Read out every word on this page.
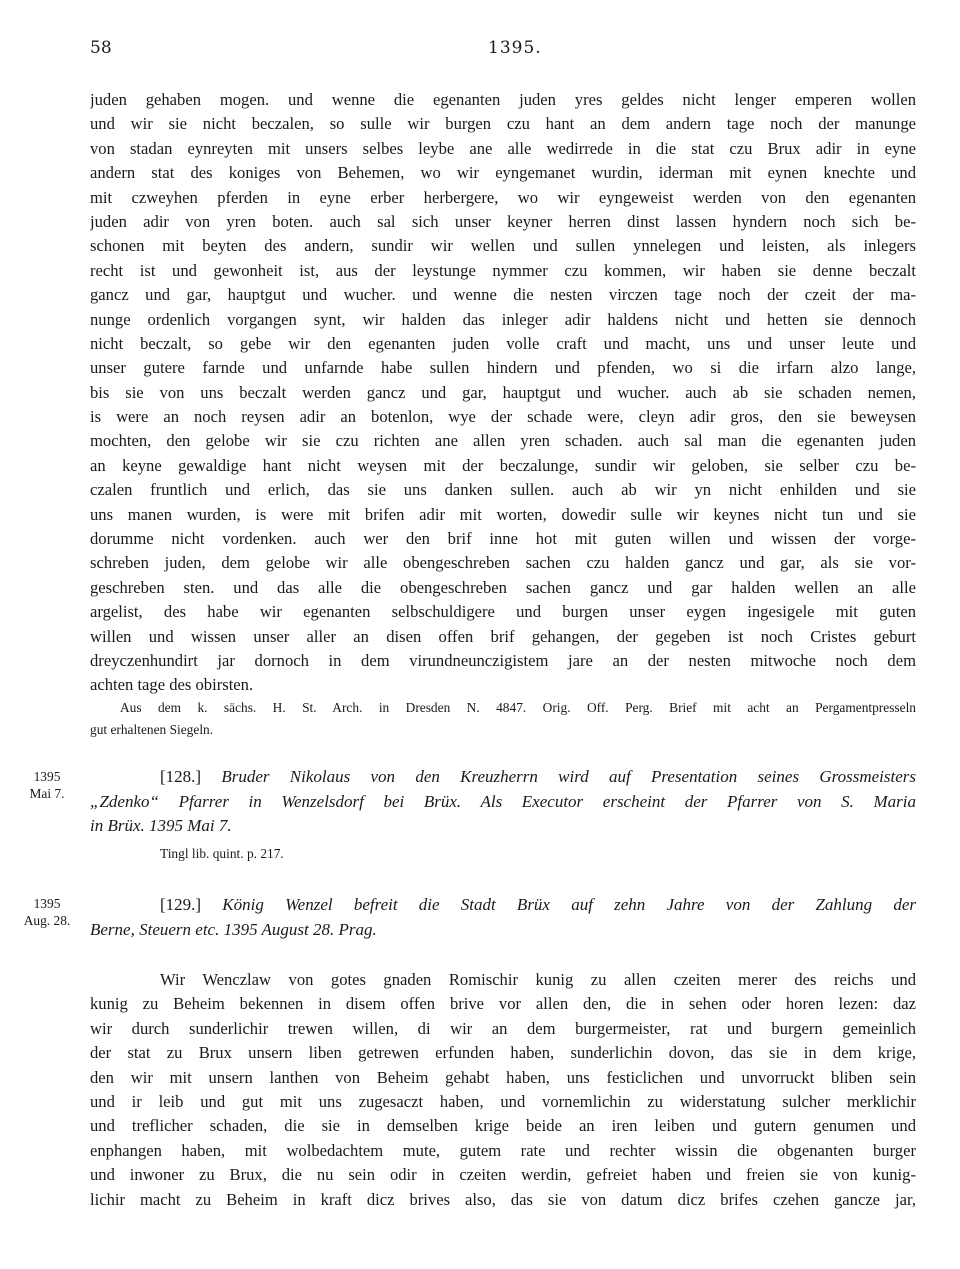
58	1395.
juden gehaben mogen. und wenne die egenanten juden yres geldes nicht lenger emperen wollen
und wir sie nicht beczalen, so sulle wir burgen czu hant an dem andern tage noch der manunge
von stadan eynreyten mit unsers selbes leybe ane alle wedirrede in die stat czu Brux adir in eyne
andern stat des koniges von Behemen, wo wir eyngemanet wurdin, iderman mit eynen knechte und
mit czweyhen pferden in eyne erber herbergere, wo wir eyngeweist werden von den egenanten
juden adir von yren boten. auch sal sich unser keyner herren dinst lassen hyndern noch sich be-
schonen mit beyten des andern, sundir wir wellen und sullen ynnelegen und leisten, als inlegers
recht ist und gewonheit ist, aus der leystunge nymmer czu kommen, wir haben sie denne beczalt
gancz und gar, hauptgut und wucher. und wenne die nesten virczen tage noch der czeit der ma-
nunge ordenlich vorgangen synt, wir halden das inleger adir haldens nicht und hetten sie dennoch
nicht beczalt, so gebe wir den egenanten juden volle craft und macht, uns und unser leute und
unser gutere farnde und unfarnde habe sullen hindern und pfenden, wo si die irfarn alzo lange,
bis sie von uns beczalt werden gancz und gar, hauptgut und wucher. auch ab sie schaden nemen,
is were an noch reysen adir an botenlon, wye der schade were, cleyn adir gros, den sie beweysen
mochten, den gelobe wir sie czu richten ane allen yren schaden. auch sal man die egenanten juden
an keyne gewaldige hant nicht weysen mit der beczalunge, sundir wir geloben, sie selber czu be-
czalen fruntlich und erlich, das sie uns danken sullen. auch ab wir yn nicht enhilden und sie
uns manen wurden, is were mit brifen adir mit worten, dowedir sulle wir keynes nicht tun und sie
dorumme nicht vordenken. auch wer den brif inne hot mit guten willen und wissen der vorge-
schreben juden, dem gelobe wir alle obengeschreben sachen czu halden gancz und gar, als sie vor-
geschreben sten. und das alle die obengeschreben sachen gancz und gar halden wellen an alle
argelist, des habe wir egenanten selbschuldigere und burgen unser eygen ingesigele mit guten
willen und wissen unser aller an disen offen brif gehangen, der gegeben ist noch Cristes geburt
dreyczenhundirt jar dornoch in dem virundneunczigistem jare an der nesten mitwoche noch dem
achten tage des obirsten.
Aus dem k. sächs. H. St. Arch. in Dresden N. 4847. Orig. Off. Perg. Brief mit acht an Pergamentpresseln
gut erhaltenen Siegeln.
1395
Mai 7.
[128.] Bruder Nikolaus von den Kreuzherrn wird auf Presentation seines Grossmeisters
„Zdenko“ Pfarrer in Wenzelsdorf bei Brüx. Als Executor erscheint der Pfarrer von S. Maria
in Brüx. 1395 Mai 7.
Tingl lib. quint. p. 217.
1395
Aug. 28.
[129.] König Wenzel befreit die Stadt Brüx auf zehn Jahre von der Zahlung der
Berne, Steuern etc. 1395 August 28. Prag.
Wir Wenczlaw von gotes gnaden Romischir kunig zu allen czeiten merer des reichs und
kunig zu Beheim bekennen in disem offen brive vor allen den, die in sehen oder horen lezen: daz
wir durch sunderlichir trewen willen, di wir an dem burgermeister, rat und burgern gemeinlich
der stat zu Brux unsern liben getrewen erfunden haben, sunderlichin dovon, das sie in dem krige,
den wir mit unsern lanthen von Beheim gehabt haben, uns festiclichen und unvorruckt bliben sein
und ir leib und gut mit uns zugesaczt haben, und vornemlichin zu widerstatung sulcher merklichir
und treflicher schaden, die sie in demselben krige beide an iren leiben und gutern genumen und
enphangen haben, mit wolbedachtem mute, gutem rate und rechter wissin die obgenanten burger
und inwoner zu Brux, die nu sein odir in czeiten werdin, gefreiet haben und freien sie von kunig-
lichir macht zu Beheim in kraft dicz brives also, das sie von datum dicz brifes czehen gancze jar,
